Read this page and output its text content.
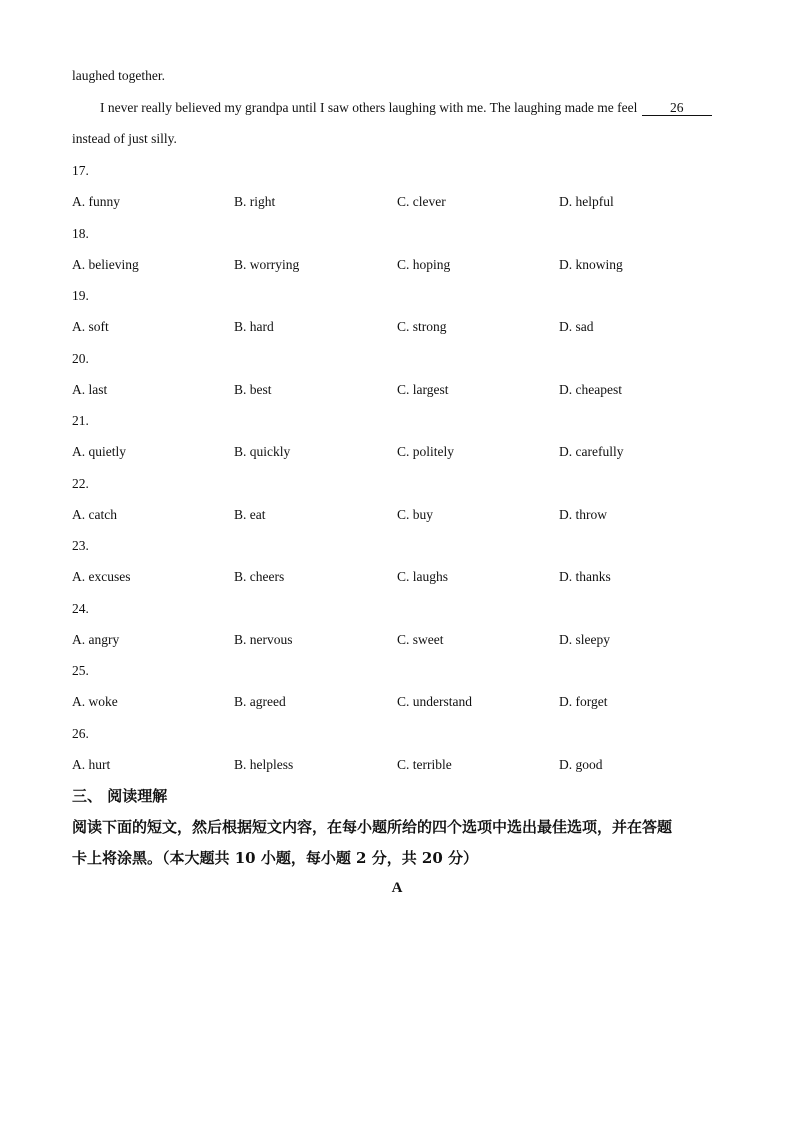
laughed together.
I never really believed my grandpa until I saw others laughing with me. The laughing made me feel 26
instead of just silly.
17.
A. funny	B. right	C. clever	D. helpful
18.
A. believing	B. worrying	C. hoping	D. knowing
19.
A. soft	B. hard	C. strong	D. sad
20.
A. last	B. best	C. largest	D. cheapest
21.
A. quietly	B. quickly	C. politely	D. carefully
22.
A. catch	B. eat	C. buy	D. throw
23.
A. excuses	B. cheers	C. laughs	D. thanks
24.
A. angry	B. nervous	C. sweet	D. sleepy
25.
A. woke	B. agreed	C. understand	D. forget
26.
A. hurt	B. helpless	C. terrible	D. good
三、 阅读理解
阅读下面的短文，然后根据短文内容，在每小题所给的四个选项中选出最佳选项，并在答题
卡上将涂黑。（本大题共 10 小题，每小题 2 分，共 20 分）
A
